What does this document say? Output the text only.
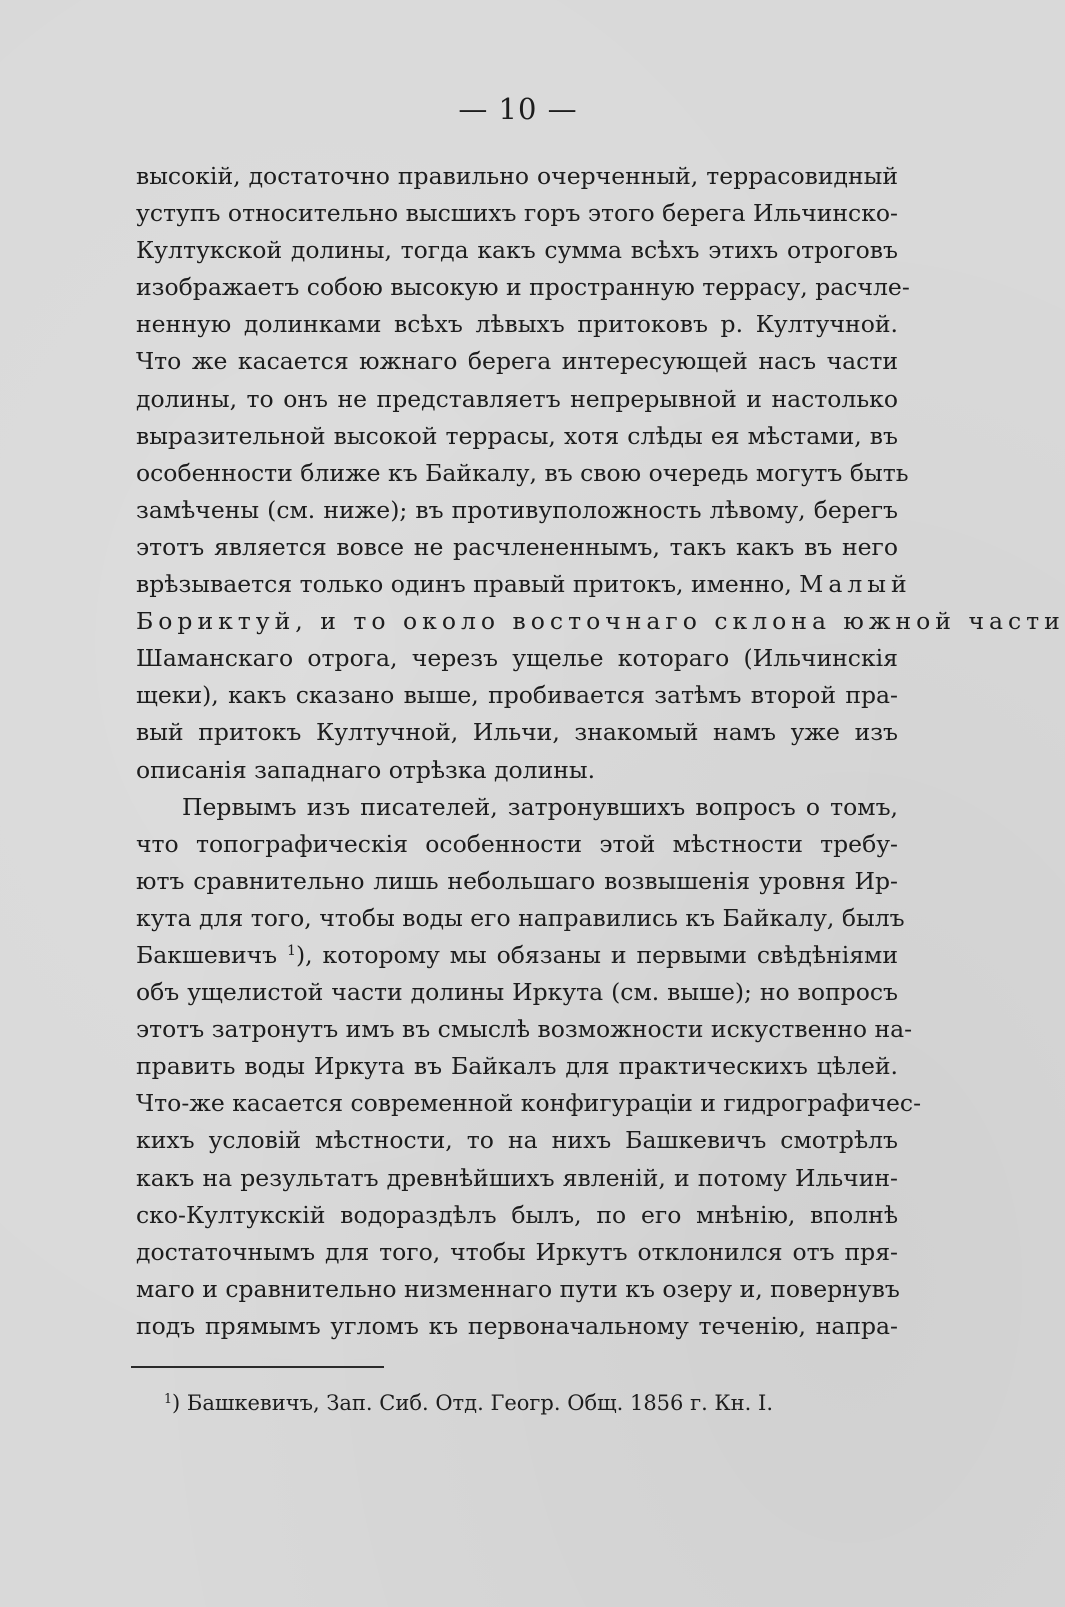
— 10 —
высокій, достаточно правильно очерченный, террасовидный
уступъ относительно высшихъ горъ этого берега Ильчинско-
Култукской долины, тогда какъ сумма всѣхъ этихъ отроговъ
изображаетъ собою высокую и пространную террасу, расчле-
ненную долинками всѣхъ лѣвыхъ притоковъ р. Култучной.
Что же касается южнаго берега интересующей насъ части
долины, то онъ не представляетъ непрерывной и настолько
выразительной высокой террасы, хотя слѣды ея мѣстами, въ
особенности ближе къ Байкалу, въ свою очередь могутъ быть
замѣчены (см. ниже); въ противуположность лѣвому, берегъ
этотъ является вовсе не расчлененнымъ, такъ какъ въ него
врѣзывается только одинъ правый притокъ, именно, Малый
Бориктуй, и то около восточнаго склона южной части
Шаманскаго отрога, черезъ ущелье котораго (Ильчинскія
щеки), какъ сказано выше, пробивается затѣмъ второй пра-
вый притокъ Култучной, Ильчи, знакомый намъ уже изъ
описанія западнаго отрѣзка долины.
Первымъ изъ писателей, затронувшихъ вопросъ о томъ,
что топографическія особенности этой мѣстности требу-
ютъ сравнительно лишь небольшаго возвышенія уровня Ир-
кута для того, чтобы воды его направились къ Байкалу, былъ
Бакшевичъ $^1$), которому мы обязаны и первыми свѣдѣніями
объ ущелистой части долины Иркута (см. выше); но вопросъ
этотъ затронутъ имъ въ смыслѣ возможности искуственно на-
править воды Иркута въ Байкалъ для практическихъ цѣлей.
Что-же касается современной конфигураціи и гидрографичес-
кихъ условій мѣстности, то на нихъ Башкевичъ смотрѣлъ
какъ на результатъ древнѣйшихъ явленій, и потому Ильчин-
ско-Култукскій водораздѣлъ былъ, по его мнѣнію, вполнѣ
достаточнымъ для того, чтобы Иркутъ отклонился отъ пря-
маго и сравнительно низменнаго пути къ озеру и, повернувъ
подъ прямымъ угломъ къ первоначальному теченію, напра-
$^1$) Башкевичъ, Зап. Сиб. Отд. Геогр. Общ. 1856 г. Кн. I.
